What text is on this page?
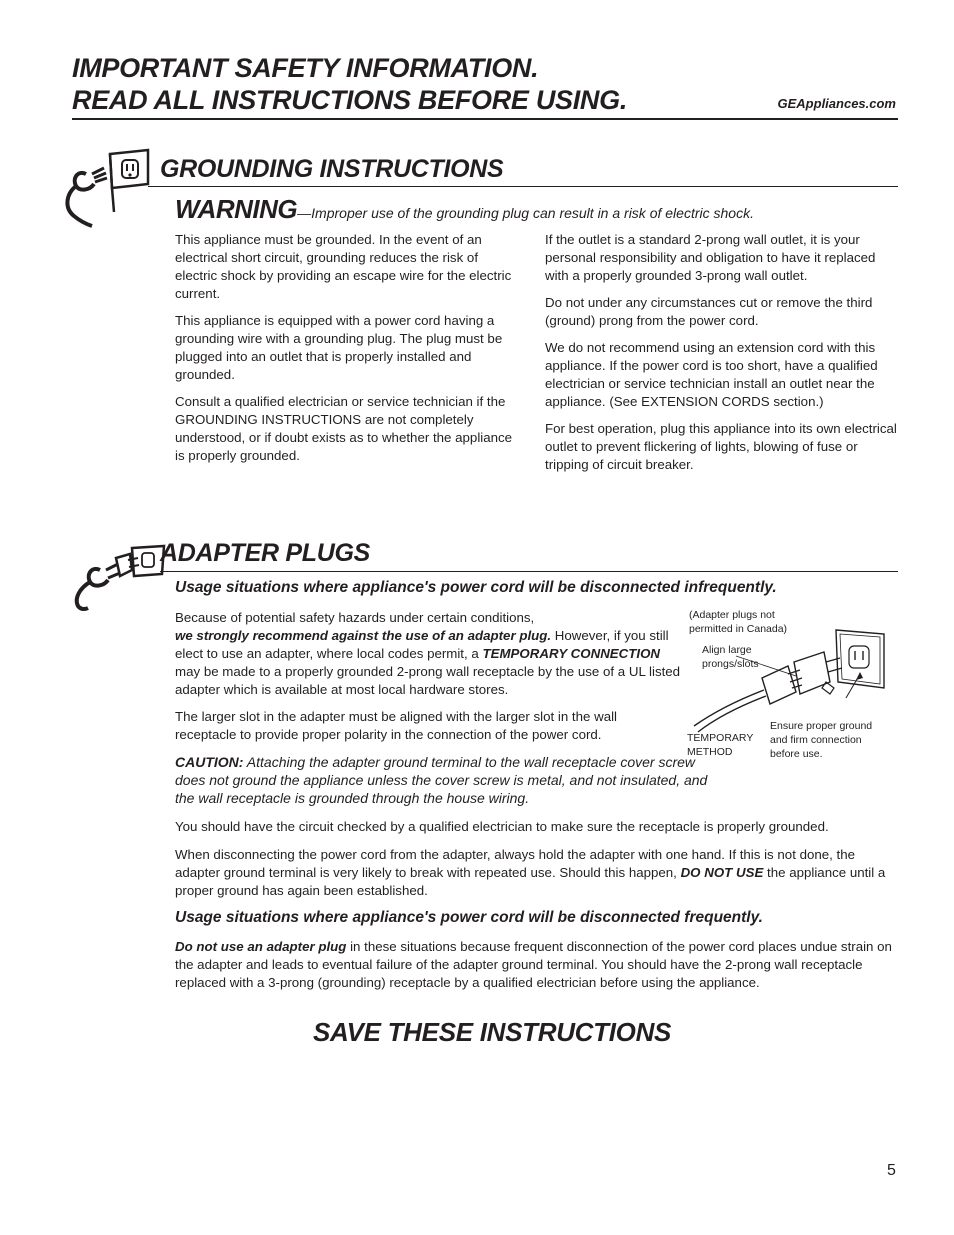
IMPORTANT SAFETY INFORMATION.
READ ALL INSTRUCTIONS BEFORE USING.	GEAppliances.com
GROUNDING INSTRUCTIONS
WARNING—Improper use of the grounding plug can result in a risk of electric shock.

This appliance must be grounded. In the event of an electrical short circuit, grounding reduces the risk of electric shock by providing an escape wire for the electric current.

This appliance is equipped with a power cord having a grounding wire with a grounding plug. The plug must be plugged into an outlet that is properly installed and grounded.

Consult a qualified electrician or service technician if the GROUNDING INSTRUCTIONS are not completely understood, or if doubt exists as to whether the appliance is properly grounded.

If the outlet is a standard 2-prong wall outlet, it is your personal responsibility and obligation to have it replaced with a properly grounded 3-prong wall outlet.

Do not under any circumstances cut or remove the third (ground) prong from the power cord.

We do not recommend using an extension cord with this appliance. If the power cord is too short, have a qualified electrician or service technician install an outlet near the appliance. (See EXTENSION CORDS section.)

For best operation, plug this appliance into its own electrical outlet to prevent flickering of lights, blowing of fuse or tripping of circuit breaker.

ADAPTER PLUGS
Usage situations where appliance's power cord will be disconnected infrequently.

Because of potential safety hazards under certain conditions,
we strongly recommend against the use of an adapter plug. However, if you still elect to use an adapter, where local codes permit, a TEMPORARY CONNECTION may be made to a properly grounded 2-prong wall receptacle by the use of a UL listed adapter which is available at most local hardware stores.

The larger slot in the adapter must be aligned with the larger slot in the wall receptacle to provide proper polarity in the connection of the power cord.

CAUTION: Attaching the adapter ground terminal to the wall receptacle cover screw does not ground the appliance unless the cover screw is metal, and not insulated, and the wall receptacle is grounded through the house wiring.

(Adapter plugs not
permitted in Canada)
Align large
prongs/slots
TEMPORARY
METHOD
Ensure proper ground
and firm connection
before use.

You should have the circuit checked by a qualified electrician to make sure the receptacle is properly grounded.

When disconnecting the power cord from the adapter, always hold the adapter with one hand. If this is not done, the adapter ground terminal is very likely to break with repeated use. Should this happen, DO NOT USE the appliance until a proper ground has again been established.

Usage situations where appliance's power cord will be disconnected frequently.

Do not use an adapter plug in these situations because frequent disconnection of the power cord places undue strain on the adapter and leads to eventual failure of the adapter ground terminal. You should have the 2-prong wall receptacle replaced with a 3-prong (grounding) receptacle by a qualified electrician before using the appliance.

SAVE THESE INSTRUCTIONS
5
